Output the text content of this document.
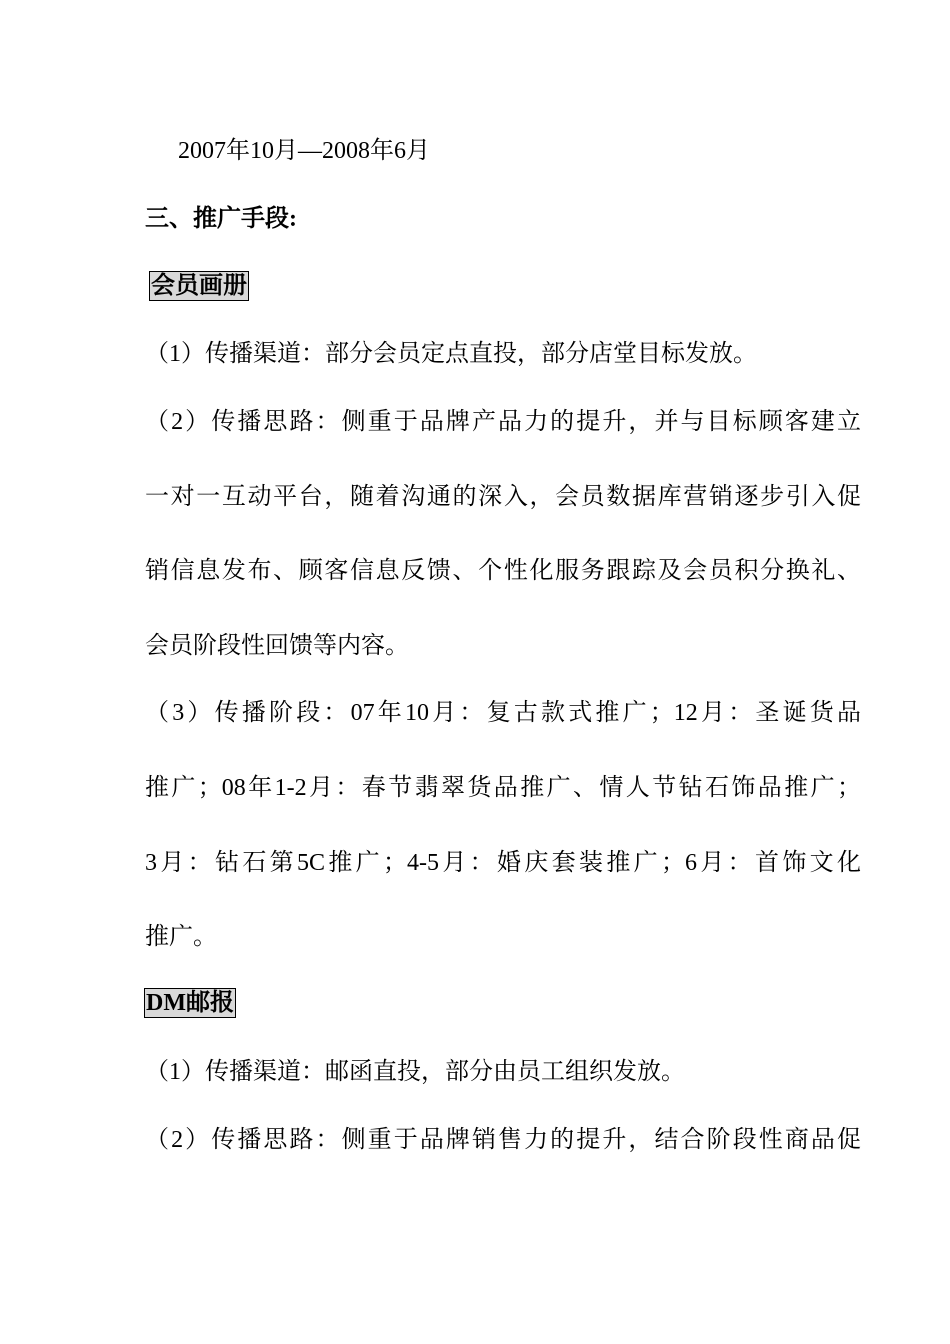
2007年10月—2008年6月
三、推广手段:
会员画册
（1）传播渠道：部分会员定点直投，部分店堂目标发放。
（2）传播思路：侧重于品牌产品力的提升，并与目标顾客建立
一对一互动平台，随着沟通的深入，会员数据库营销逐步引入促
销信息发布、顾客信息反馈、个性化服务跟踪及会员积分换礼、
会员阶段性回馈等内容。
（3）传播阶段：07年10月：复古款式推广；12月：圣诞货品
推广；08年1-2月：春节翡翠货品推广、情人节钻石饰品推广；
3月：钻石第5C推广；4-5月：婚庆套装推广；6月：首饰文化
推广。
DM邮报
（1）传播渠道：邮函直投，部分由员工组织发放。
（2）传播思路：侧重于品牌销售力的提升，结合阶段性商品促
